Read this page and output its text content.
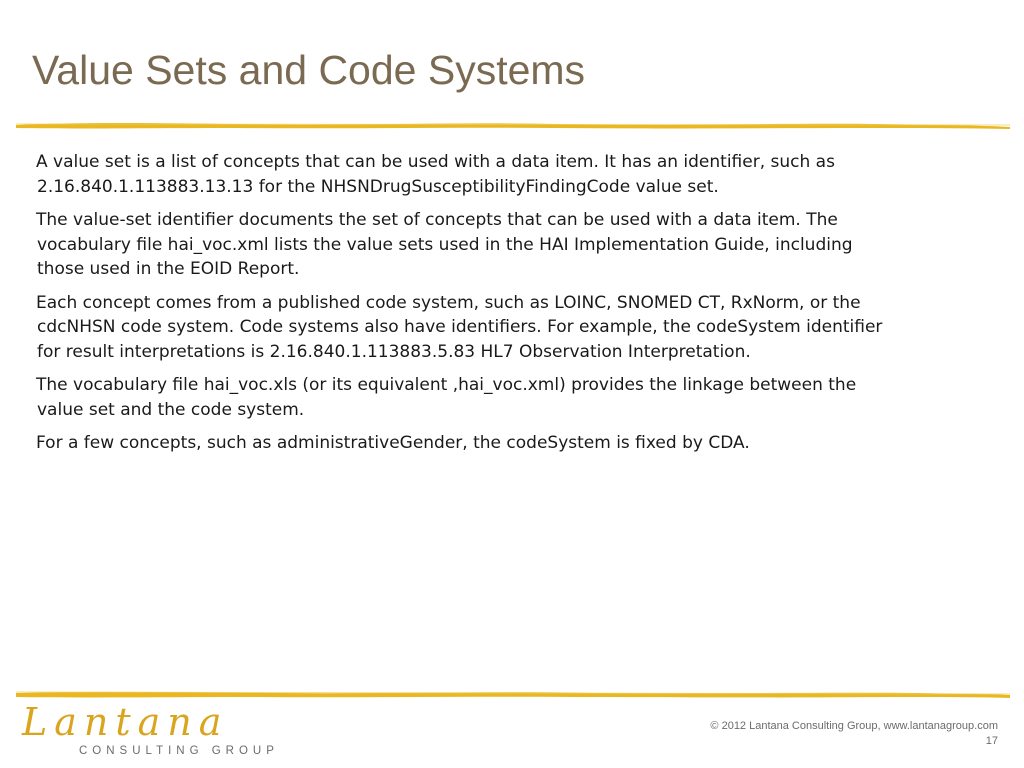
Value Sets and Code Systems

A value set is a list of concepts that can be used with a data item. It has an identifier, such as
2.16.840.1.113883.13.13 for the NHSNDrugSusceptibilityFindingCode value set.

The value-set identifier documents the set of concepts that can be used with a data item. The
vocabulary file hai_voc.xml lists the value sets used in the HAI Implementation Guide, including
those used in the EOID Report.

Each concept comes from a published code system, such as LOINC, SNOMED CT, RxNorm, or the
cdcNHSN code system. Code systems also have identifiers. For example, the codeSystem identifier
for result interpretations is 2.16.840.1.113883.5.83 HL7 Observation Interpretation.

The vocabulary file hai_voc.xls (or its equivalent ,hai_voc.xml) provides the linkage between the
value set and the code system.

For a few concepts, such as administrativeGender, the codeSystem is fixed by CDA.

Lantana
CONSULTING GROUP
© 2012 Lantana Consulting Group, www.lantanagroup.com
17
